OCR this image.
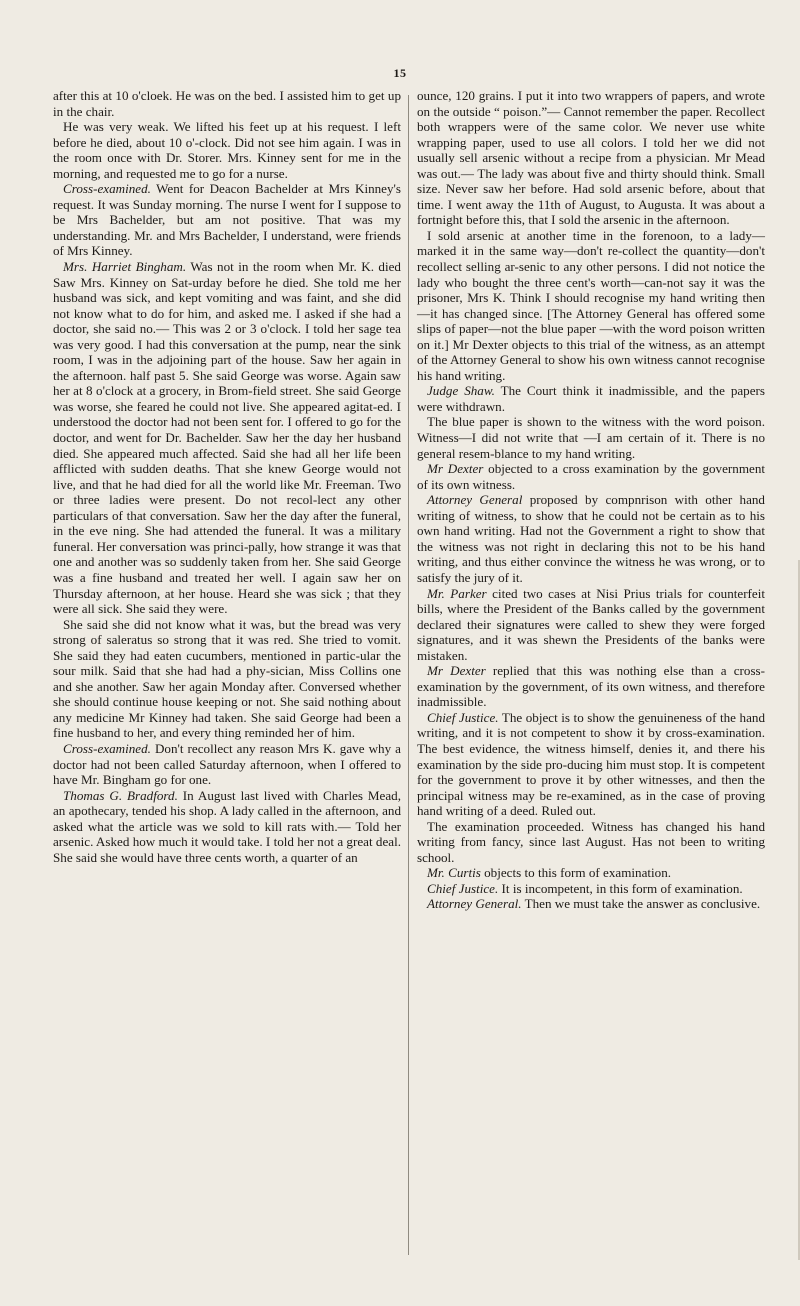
15

after this at 10 o'cloek. He was on the bed. I assisted him to get up in the chair.

He was very weak. We lifted his feet up at his request. I left before he died, about 10 o'-clock. Did not see him again. I was in the room once with Dr. Storer. Mrs. Kinney sent for me in the morning, and requested me to go for a nurse.

Cross-examined. Went for Deacon Bachelder at Mrs Kinney's request. It was Sunday morning. The nurse I went for I suppose to be Mrs Bachelder, but am not positive. That was my understanding. Mr. and Mrs Bachelder, I understand, were friends of Mrs Kinney.

Mrs. Harriet Bingham. Was not in the room when Mr. K. died Saw Mrs. Kinney on Sat-urday before he died. She told me her husband was sick, and kept vomiting and was faint, and she did not know what to do for him, and asked me. I asked if she had a doctor, she said no.— This was 2 or 3 o'clock. I told her sage tea was very good. I had this conversation at the pump, near the sink room, I was in the adjoining part of the house. Saw her again in the afternoon. half past 5. She said George was worse. Again saw her at 8 o'clock at a grocery, in Brom-field street. She said George was worse, she feared he could not live. She appeared agitat-ed. I understood the doctor had not been sent for. I offered to go for the doctor, and went for Dr. Bachelder. Saw her the day her husband died. She appeared much affected. Said she had all her life been afflicted with sudden deaths. That she knew George would not live, and that he had died for all the world like Mr. Freeman. Two or three ladies were present. Do not recol-lect any other particulars of that conversation. Saw her the day after the funeral, in the eve ning. She had attended the funeral. It was a military funeral. Her conversation was princi-pally, how strange it was that one and another was so suddenly taken from her. She said George was a fine husband and treated her well. I again saw her on Thursday afternoon, at her house. Heard she was sick ; that they were all sick. She said they were.

She said she did not know what it was, but the bread was very strong of saleratus so strong that it was red. She tried to vomit. She said they had eaten cucumbers, mentioned in partic-ular the sour milk. Said that she had had a phy-sician, Miss Collins one and she another. Saw her again Monday after. Conversed whether she should continue house keeping or not. She said nothing about any medicine Mr Kinney had taken. She said George had been a fine husband to her, and every thing reminded her of him.

Cross-examined. Don't recollect any reason Mrs K. gave why a doctor had not been called Saturday afternoon, when I offered to have Mr. Bingham go for one.

Thomas G. Bradford. In August last lived with Charles Mead, an apothecary, tended his shop. A lady called in the afternoon, and asked what the article was we sold to kill rats with.— Told her arsenic. Asked how much it would take. I told her not a great deal. She said she would have three cents worth, a quarter of an

ounce, 120 grains. I put it into two wrappers of papers, and wrote on the outside “ poison.”— Cannot remember the paper. Recollect both wrappers were of the same color. We never use white wrapping paper, used to use all colors. I told her we did not usually sell arsenic without a recipe from a physician. Mr Mead was out.— The lady was about five and thirty should think. Small size. Never saw her before. Had sold arsenic before, about that time. I went away the 11th of August, to Augusta. It was about a fortnight before this, that I sold the arsenic in the afternoon.

I sold arsenic at another time in the forenoon, to a lady—marked it in the same way—don't re-collect the quantity—don't recollect selling ar-senic to any other persons. I did not notice the lady who bought the three cent's worth—can-not say it was the prisoner, Mrs K. Think I should recognise my hand writing then—it has changed since. [The Attorney General has offered some slips of paper—not the blue paper —with the word poison written on it.] Mr Dexter objects to this trial of the witness, as an attempt of the Attorney General to show his own witness cannot recognise his hand writing.

Judge Shaw. The Court think it inadmissible, and the papers were withdrawn.

The blue paper is shown to the witness with the word poison. Witness—I did not write that —I am certain of it. There is no general resem-blance to my hand writing.

Mr Dexter objected to a cross examination by the government of its own witness.

Attorney General proposed by compnrison with other hand writing of witness, to show that he could not be certain as to his own hand writing. Had not the Government a right to show that the witness was not right in declaring this not to be his hand writing, and thus either convince the witness he was wrong, or to satisfy the jury of it.

Mr. Parker cited two cases at Nisi Prius trials for counterfeit bills, where the President of the Banks called by the government declared their signatures were called to shew they were forged signatures, and it was shewn the Presidents of the banks were mistaken.

Mr Dexter replied that this was nothing else than a cross-examination by the government, of its own witness, and therefore inadmissible.

Chief Justice. The object is to show the genuineness of the hand writing, and it is not competent to show it by cross-examination. The best evidence, the witness himself, denies it, and there his examination by the side pro-ducing him must stop. It is competent for the government to prove it by other witnesses, and then the principal witness may be re-examined, as in the case of proving hand writing of a deed. Ruled out.

The examination proceeded. Witness has changed his hand writing from fancy, since last August. Has not been to writing school.

Mr. Curtis objects to this form of examination.

Chief Justice. It is incompetent, in this form of examination.

Attorney General. Then we must take the answer as conclusive.
